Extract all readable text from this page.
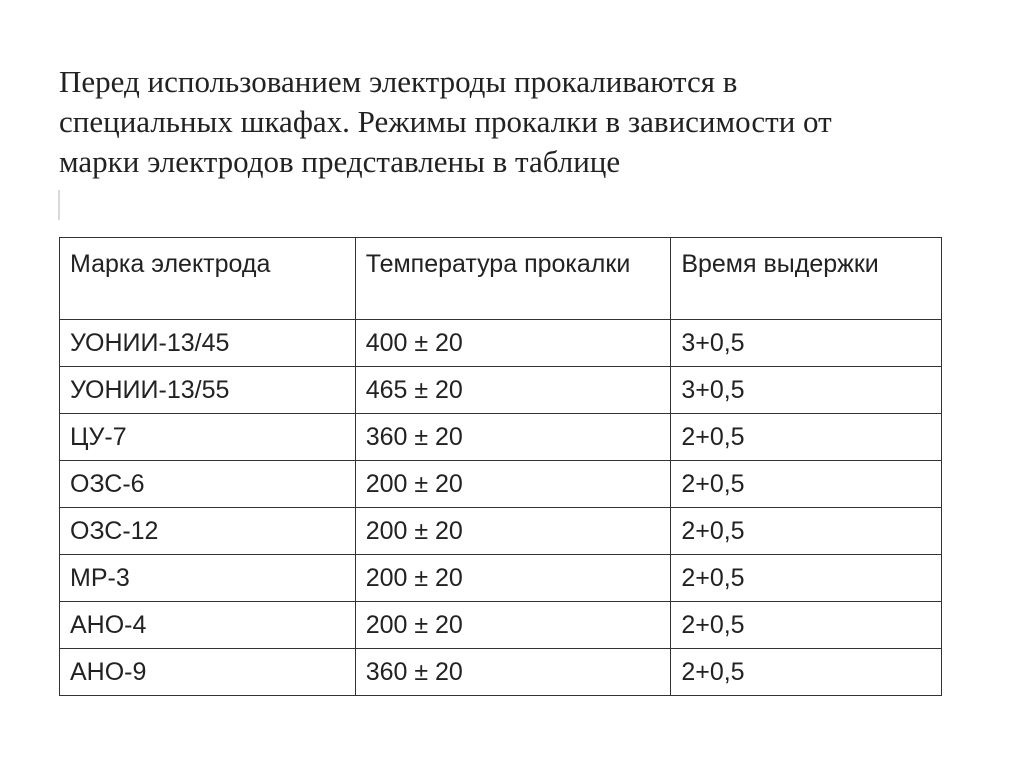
Перед использованием электроды прокаливаются в
специальных шкафах. Режимы прокалки в зависимости от
марки электродов представлены в таблице

Марка электрода	Температура прокалки	Время выдержки
УОНИИ-13/45	400 ± 20	3+0,5
УОНИИ-13/55	465 ± 20	3+0,5
ЦУ-7	360 ± 20	2+0,5
ОЗС-6	200 ± 20	2+0,5
ОЗС-12	200 ± 20	2+0,5
МР-3	200 ± 20	2+0,5
АНО-4	200 ± 20	2+0,5
АНО-9	360 ± 20	2+0,5
